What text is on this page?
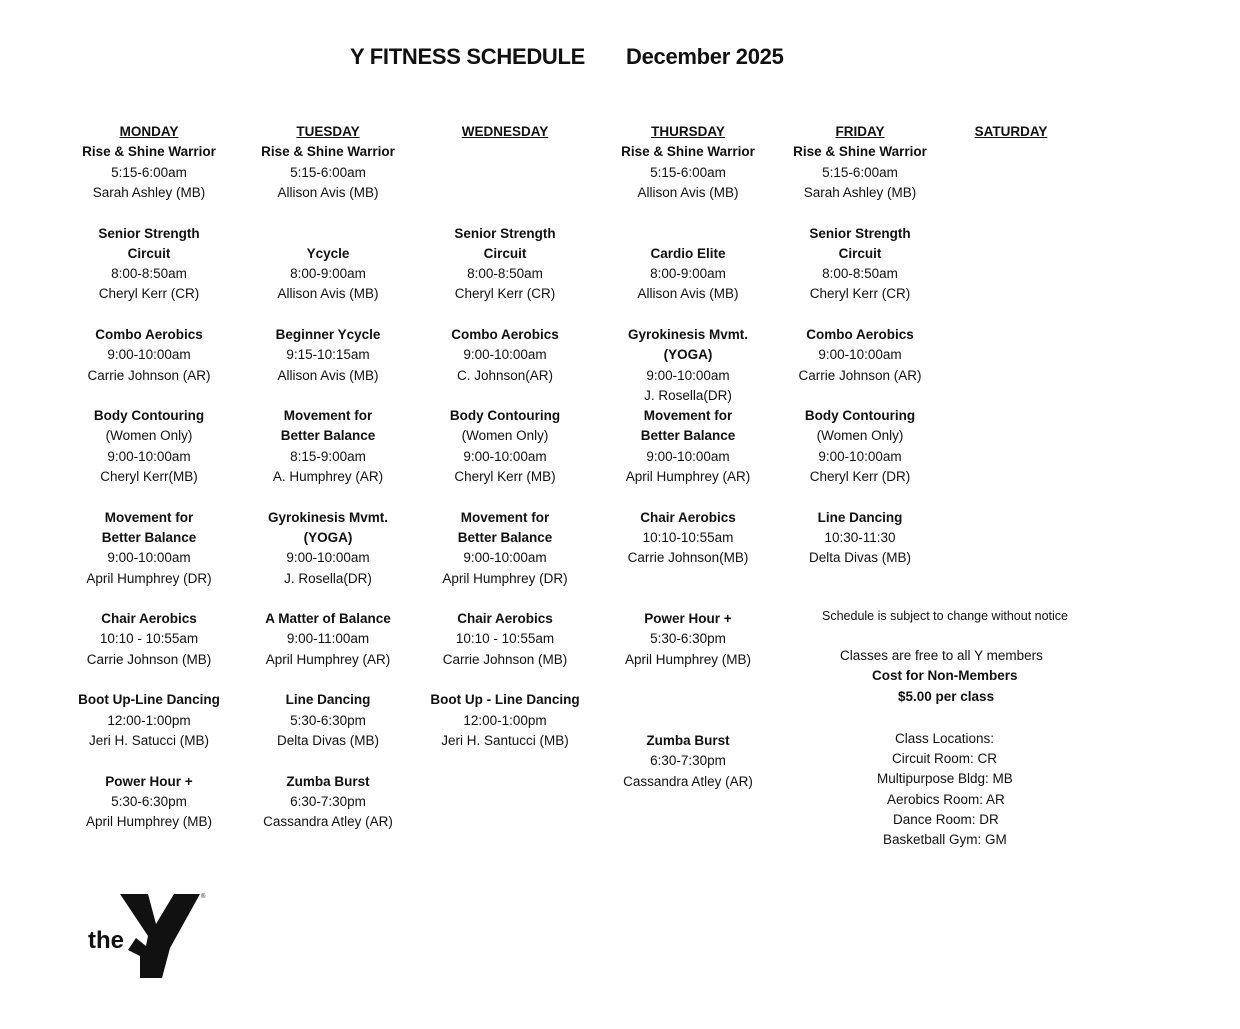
Y FITNESS SCHEDULE December 2025
MONDAY
Rise & Shine Warrior
5:15-6:00am
Sarah Ashley (MB)
Senior Strength
Circuit
8:00-8:50am
Cheryl Kerr (CR)
Combo Aerobics
9:00-10:00am
Carrie Johnson (AR)
Body Contouring
(Women Only)
9:00-10:00am
Cheryl Kerr(MB)
Movement for
Better Balance
9:00-10:00am
April Humphrey (DR)
Chair Aerobics
10:10 - 10:55am
Carrie Johnson (MB)
Boot Up-Line Dancing
12:00-1:00pm
Jeri H. Satucci (MB)
Power Hour +
5:30-6:30pm
April Humphrey (MB)
TUESDAY
Rise & Shine Warrior
5:15-6:00am
Allison Avis (MB)
Ycycle
8:00-9:00am
Allison Avis (MB)
Beginner Ycycle
9:15-10:15am
Allison Avis (MB)
Movement for
Better Balance
8:15-9:00am
A. Humphrey (AR)
Gyrokinesis Mvmt.
(YOGA)
9:00-10:00am
J. Rosella(DR)
A Matter of Balance
9:00-11:00am
April Humphrey (AR)
Line Dancing
5:30-6:30pm
Delta Divas (MB)
Zumba Burst
6:30-7:30pm
Cassandra Atley (AR)
WEDNESDAY
Senior Strength
Circuit
8:00-8:50am
Cheryl Kerr (CR)
Combo Aerobics
9:00-10:00am
C. Johnson(AR)
Body Contouring
(Women Only)
9:00-10:00am
Cheryl Kerr (MB)
Movement for
Better Balance
9:00-10:00am
April Humphrey (DR)
Chair Aerobics
10:10 - 10:55am
Carrie Johnson (MB)
Boot Up - Line Dancing
12:00-1:00pm
Jeri H. Santucci (MB)
THURSDAY
Rise & Shine Warrior
5:15-6:00am
Allison Avis (MB)
Cardio Elite
8:00-9:00am
Allison Avis (MB)
Gyrokinesis Mvmt.
(YOGA)
9:00-10:00am
J. Rosella(DR)
Movement for
Better Balance
9:00-10:00am
April Humphrey (AR)
Chair Aerobics
10:10-10:55am
Carrie Johnson(MB)
Power Hour +
5:30-6:30pm
April Humphrey (MB)
Zumba Burst
6:30-7:30pm
Cassandra Atley (AR)
FRIDAY
Rise & Shine Warrior
5:15-6:00am
Sarah Ashley (MB)
Senior Strength
Circuit
8:00-8:50am
Cheryl Kerr (CR)
Combo Aerobics
9:00-10:00am
Carrie Johnson (AR)
Body Contouring
(Women Only)
9:00-10:00am
Cheryl Kerr (DR)
Line Dancing
10:30-11:30
Delta Divas (MB)
SATURDAY
Schedule is subject to change without notice
Classes are free to all Y members
Cost for Non-Members
$5.00 per class
Class Locations:
Circuit Room: CR
Multipurpose Bldg: MB
Aerobics Room: AR
Dance Room: DR
Basketball Gym: GM
the
YMCA
®
